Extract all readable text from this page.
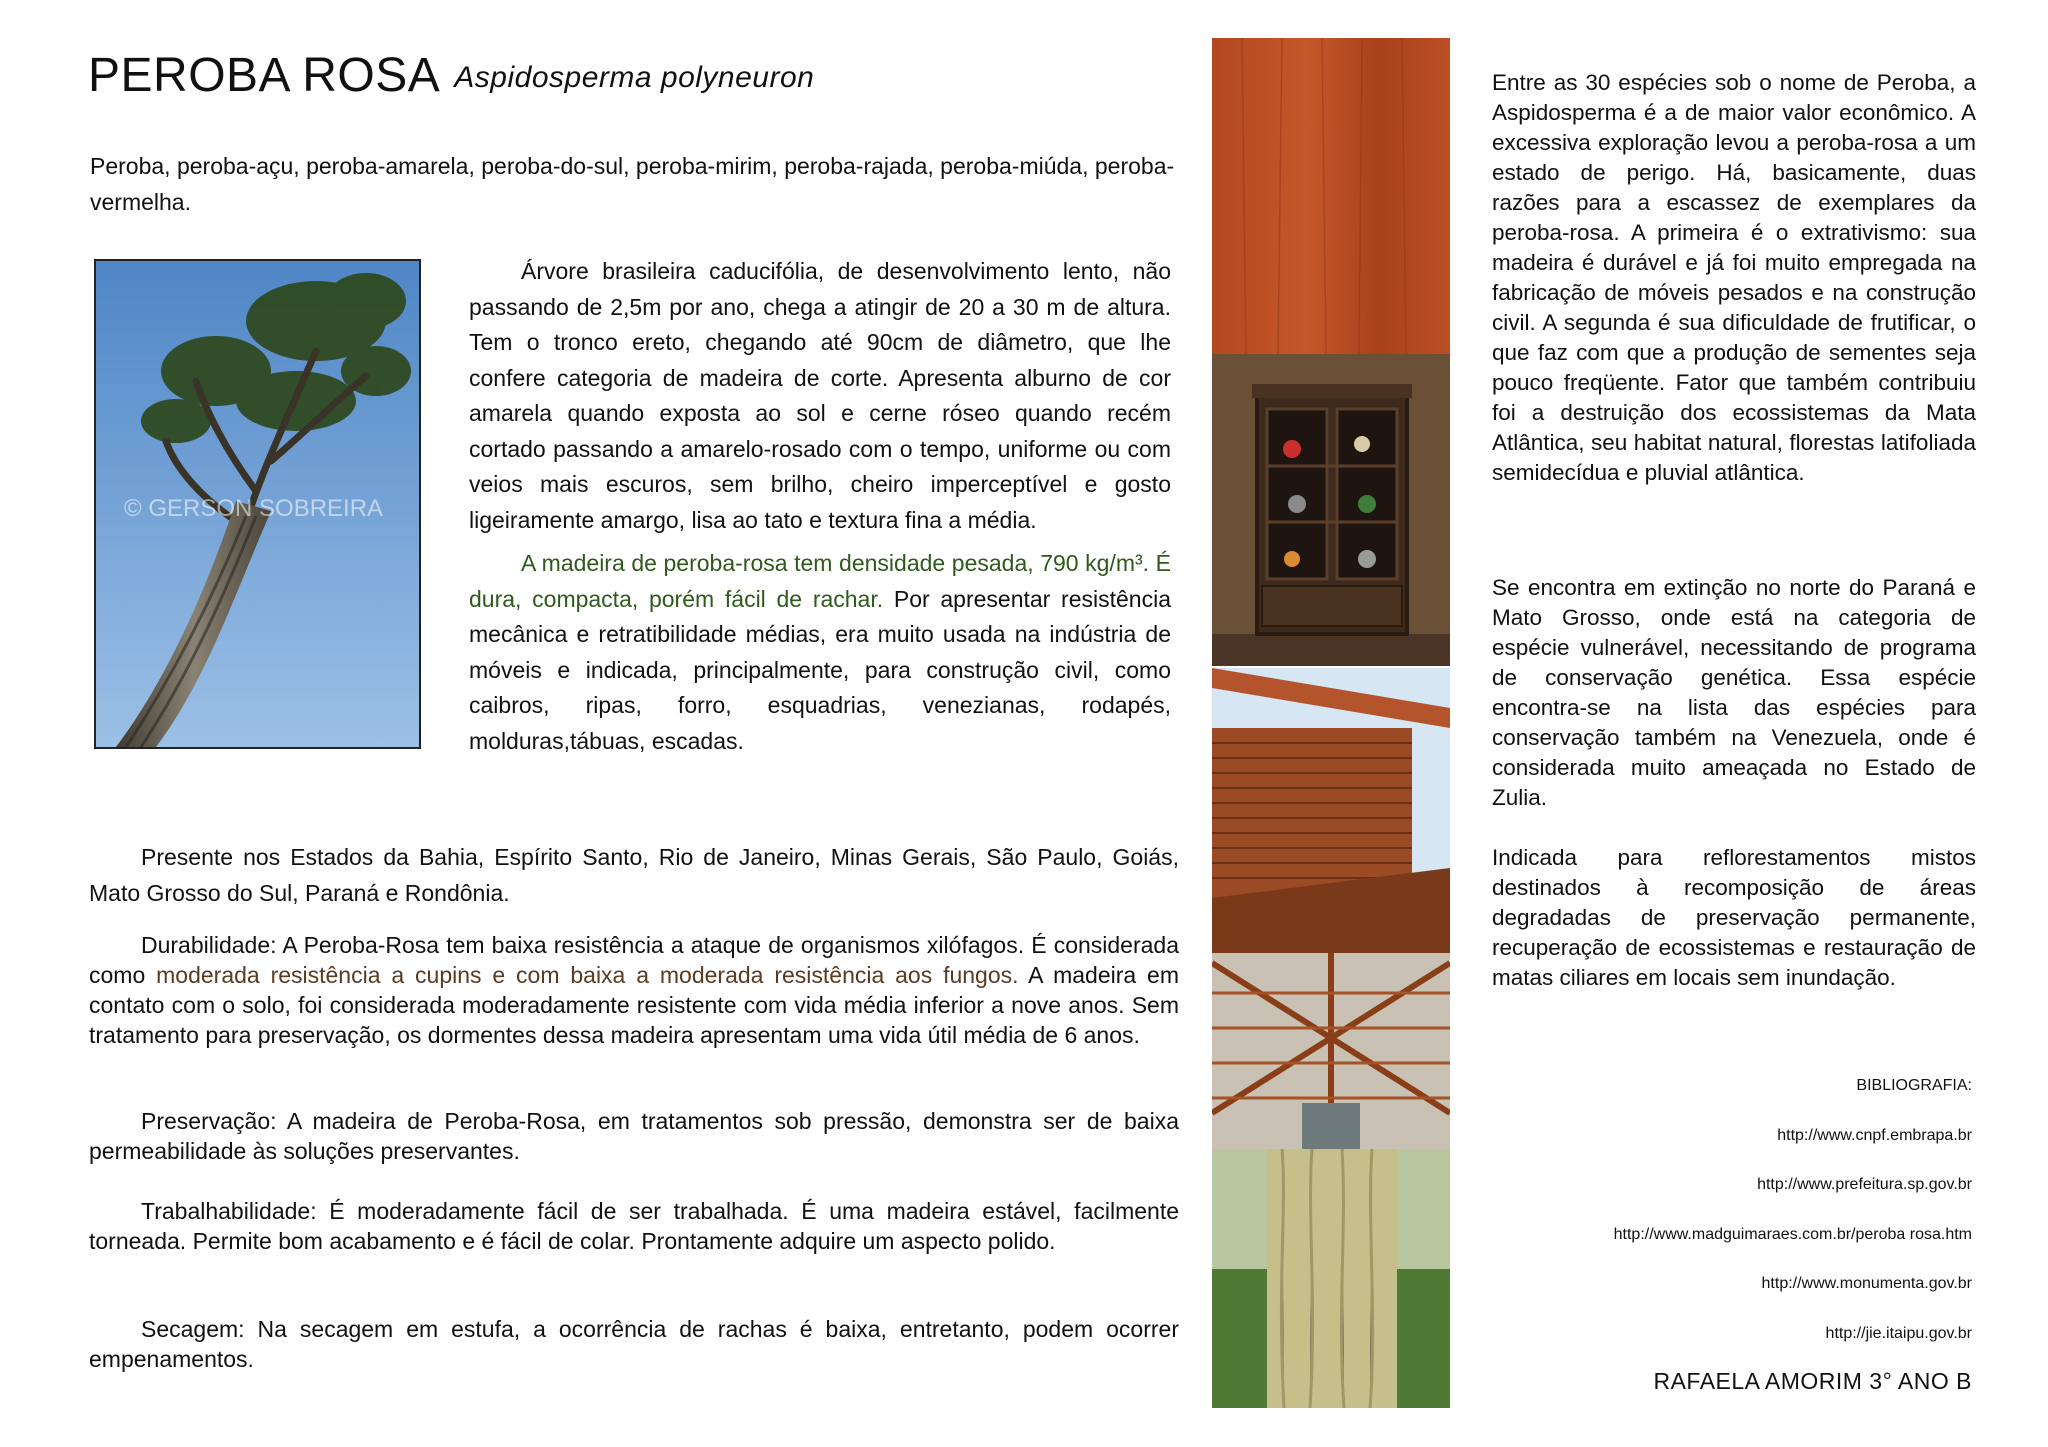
PEROBA ROSA Aspidosperma polyneuron
Peroba, peroba-açu, peroba-amarela, peroba-do-sul, peroba-mirim, peroba-rajada, peroba-miúda, peroba-vermelha.
© GERSON SOBREIRA
Árvore brasileira caducifólia, de desenvolvimento lento, não passando de 2,5m por ano, chega a atingir de 20 a 30 m de altura. Tem o tronco ereto, chegando até 90cm de diâmetro, que lhe confere categoria de madeira de corte. Apresenta alburno de cor amarela quando exposta ao sol e cerne róseo quando recém cortado passando a amarelo-rosado com o tempo, uniforme ou com veios mais escuros, sem brilho, cheiro imperceptível e gosto ligeiramente amargo, lisa ao tato e textura fina a média.
A madeira de peroba-rosa tem densidade pesada, 790 kg/m³. É dura, compacta, porém fácil de rachar. Por apresentar resistência mecânica e retratibilidade médias, era muito usada na indústria de móveis e indicada, principalmente, para construção civil, como caibros, ripas, forro, esquadrias, venezianas, rodapés, molduras,tábuas, escadas.
Presente nos Estados da Bahia, Espírito Santo, Rio de Janeiro, Minas Gerais, São Paulo, Goiás, Mato Grosso do Sul, Paraná e Rondônia.
Durabilidade: A Peroba-Rosa tem baixa resistência a ataque de organismos xilófagos. É considerada como moderada resistência a cupins e com baixa a moderada resistência aos fungos. A madeira em contato com o solo, foi considerada moderadamente resistente com vida média inferior a nove anos. Sem tratamento para preservação, os dormentes dessa madeira apresentam uma vida útil média de 6 anos.
Preservação: A madeira de Peroba-Rosa, em tratamentos sob pressão, demonstra ser de baixa permeabilidade às soluções preservantes.
Trabalhabilidade: É moderadamente fácil de ser trabalhada. É uma madeira estável, facilmente torneada. Permite bom acabamento e é fácil de colar. Prontamente adquire um aspecto polido.
Secagem: Na secagem em estufa, a ocorrência de rachas é baixa, entretanto, podem ocorrer empenamentos.
Entre as 30 espécies sob o nome de Peroba, a Aspidosperma é a de maior valor econômico. A excessiva exploração levou a peroba-rosa a um estado de perigo. Há, basicamente, duas razões para a escassez de exemplares da peroba-rosa. A primeira é o extrativismo: sua madeira é durável e já foi muito empregada na fabricação de móveis pesados e na construção civil. A segunda é sua dificuldade de frutificar, o que faz com que a produção de sementes seja pouco freqüente. Fator que também contribuiu foi a destruição dos ecossistemas da Mata Atlântica, seu habitat natural, florestas latifoliada semidecídua e pluvial atlântica.
Se encontra em extinção no norte do Paraná e Mato Grosso, onde está na categoria de espécie vulnerável, necessitando de programa de conservação genética. Essa espécie encontra-se na lista das espécies para conservação também na Venezuela, onde é considerada muito ameaçada no Estado de Zulia.
Indicada para reflorestamentos mistos destinados à recomposição de áreas degradadas de preservação permanente, recuperação de ecossistemas e restauração de matas ciliares em locais sem inundação.
BIBLIOGRAFIA:
http://www.cnpf.embrapa.br
http://www.prefeitura.sp.gov.br
http://www.madguimaraes.com.br/peroba rosa.htm
http://www.monumenta.gov.br
http://jie.itaipu.gov.br
RAFAELA AMORIM 3° ANO B
